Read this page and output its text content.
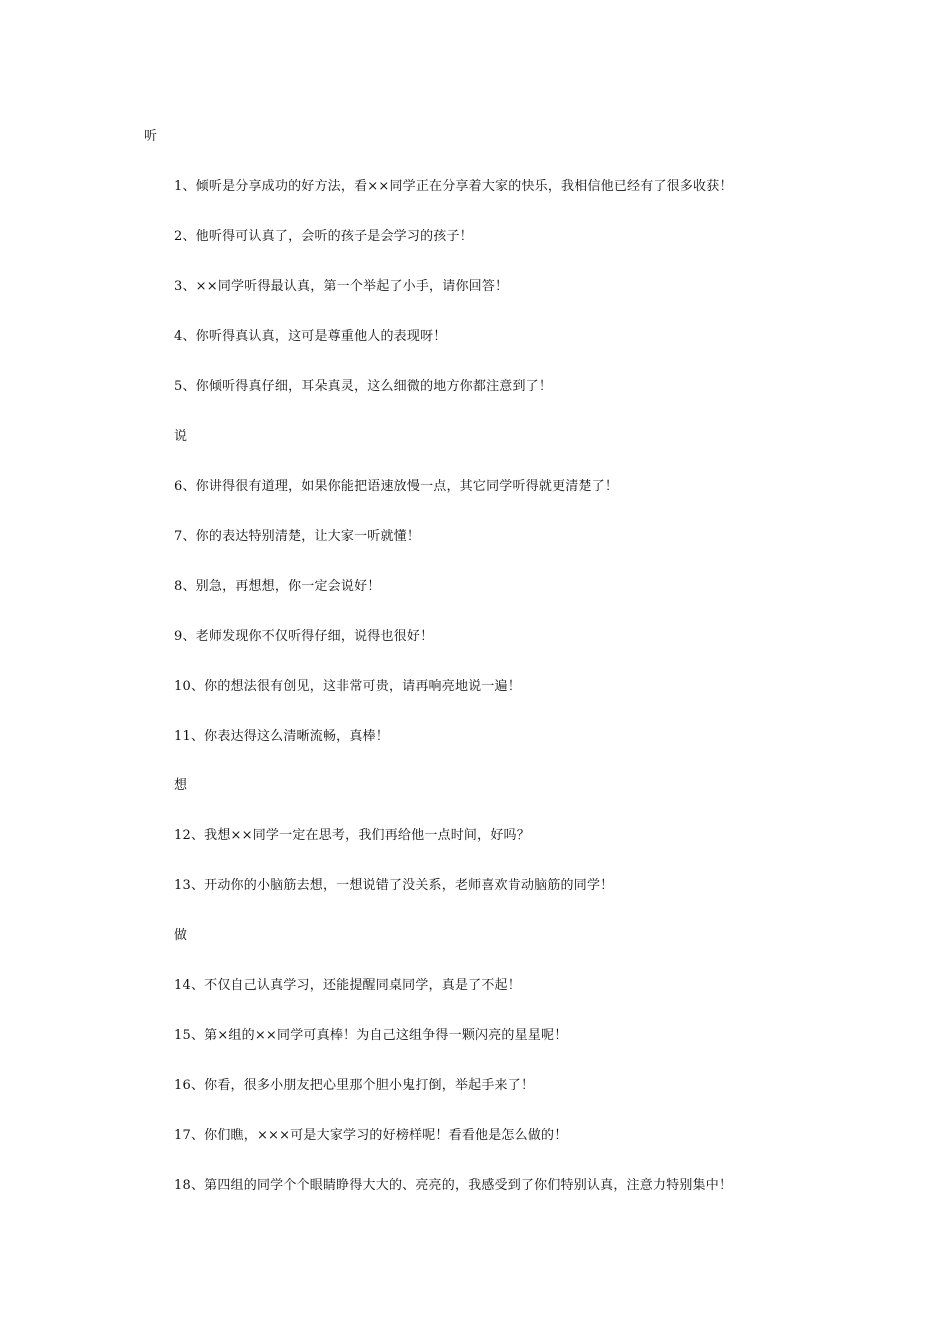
听
1、倾听是分享成功的好方法，看××同学正在分享着大家的快乐，我相信他已经有了很多收获！
2、他听得可认真了，会听的孩子是会学习的孩子！
3、××同学听得最认真，第一个举起了小手，请你回答！
4、你听得真认真，这可是尊重他人的表现呀！
5、你倾听得真仔细，耳朵真灵，这么细微的地方你都注意到了！
说
6、你讲得很有道理，如果你能把语速放慢一点，其它同学听得就更清楚了！
7、你的表达特别清楚，让大家一听就懂！
8、别急，再想想，你一定会说好！
9、老师发现你不仅听得仔细，说得也很好！
10、你的想法很有创见，这非常可贵，请再响亮地说一遍！
11、你表达得这么清晰流畅，真棒！
想
12、我想××同学一定在思考，我们再给他一点时间，好吗？
13、开动你的小脑筋去想，一想说错了没关系，老师喜欢肯动脑筋的同学！
做
14、不仅自己认真学习，还能提醒同桌同学，真是了不起！
15、第×组的××同学可真棒！为自己这组争得一颗闪亮的星星呢！
16、你看，很多小朋友把心里那个胆小鬼打倒，举起手来了！
17、你们瞧，×××可是大家学习的好榜样呢！看看他是怎么做的！
18、第四组的同学个个眼睛睁得大大的、亮亮的，我感受到了你们特别认真，注意力特别集中！
